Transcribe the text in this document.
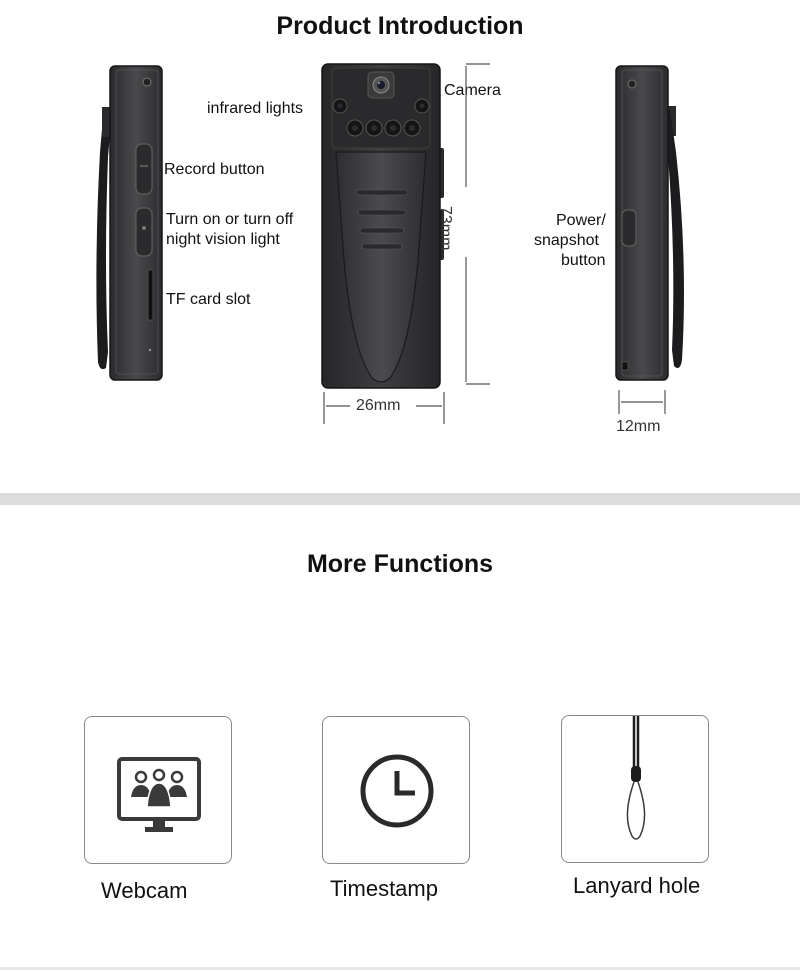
Product Introduction
Record button
Turn on or turn off
night vision light
TF card slot
infrared lights
Camera
73mm
26mm
Power/
snapshot
button
12mm
More Functions
Webcam	Timestamp	Lanyard hole
